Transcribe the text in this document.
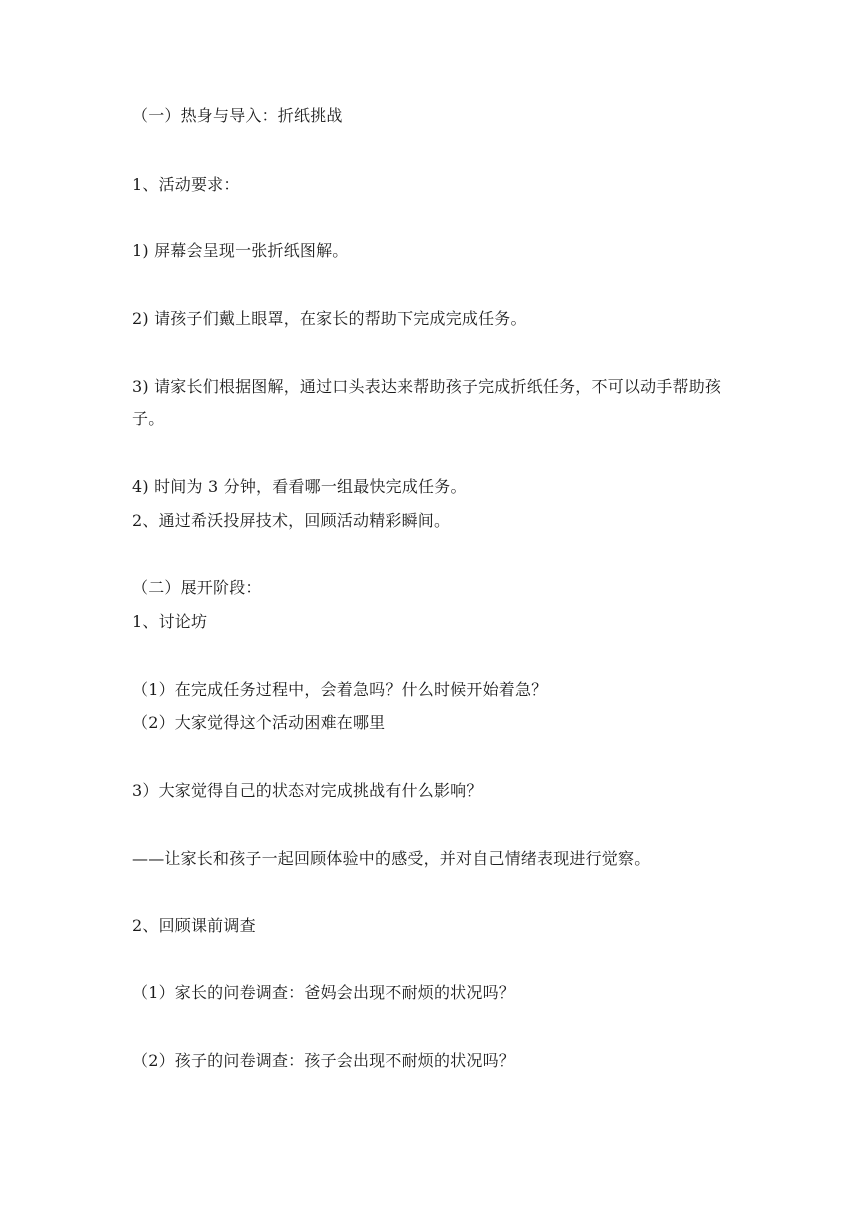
（一）热身与导入：折纸挑战
1、活动要求：
1) 屏幕会呈现一张折纸图解。
2) 请孩子们戴上眼罩，在家长的帮助下完成完成任务。
3) 请家长们根据图解，通过口头表达来帮助孩子完成折纸任务，不可以动手帮助孩子。
4) 时间为 3 分钟，看看哪一组最快完成任务。
2、通过希沃投屏技术，回顾活动精彩瞬间。
（二）展开阶段：
1、讨论坊
（1）在完成任务过程中，会着急吗？什么时候开始着急？
（2）大家觉得这个活动困难在哪里
3）大家觉得自己的状态对完成挑战有什么影响？
——让家长和孩子一起回顾体验中的感受，并对自己情绪表现进行觉察。
2、回顾课前调查
（1）家长的问卷调查：爸妈会出现不耐烦的状况吗？
（2）孩子的问卷调查：孩子会出现不耐烦的状况吗？
